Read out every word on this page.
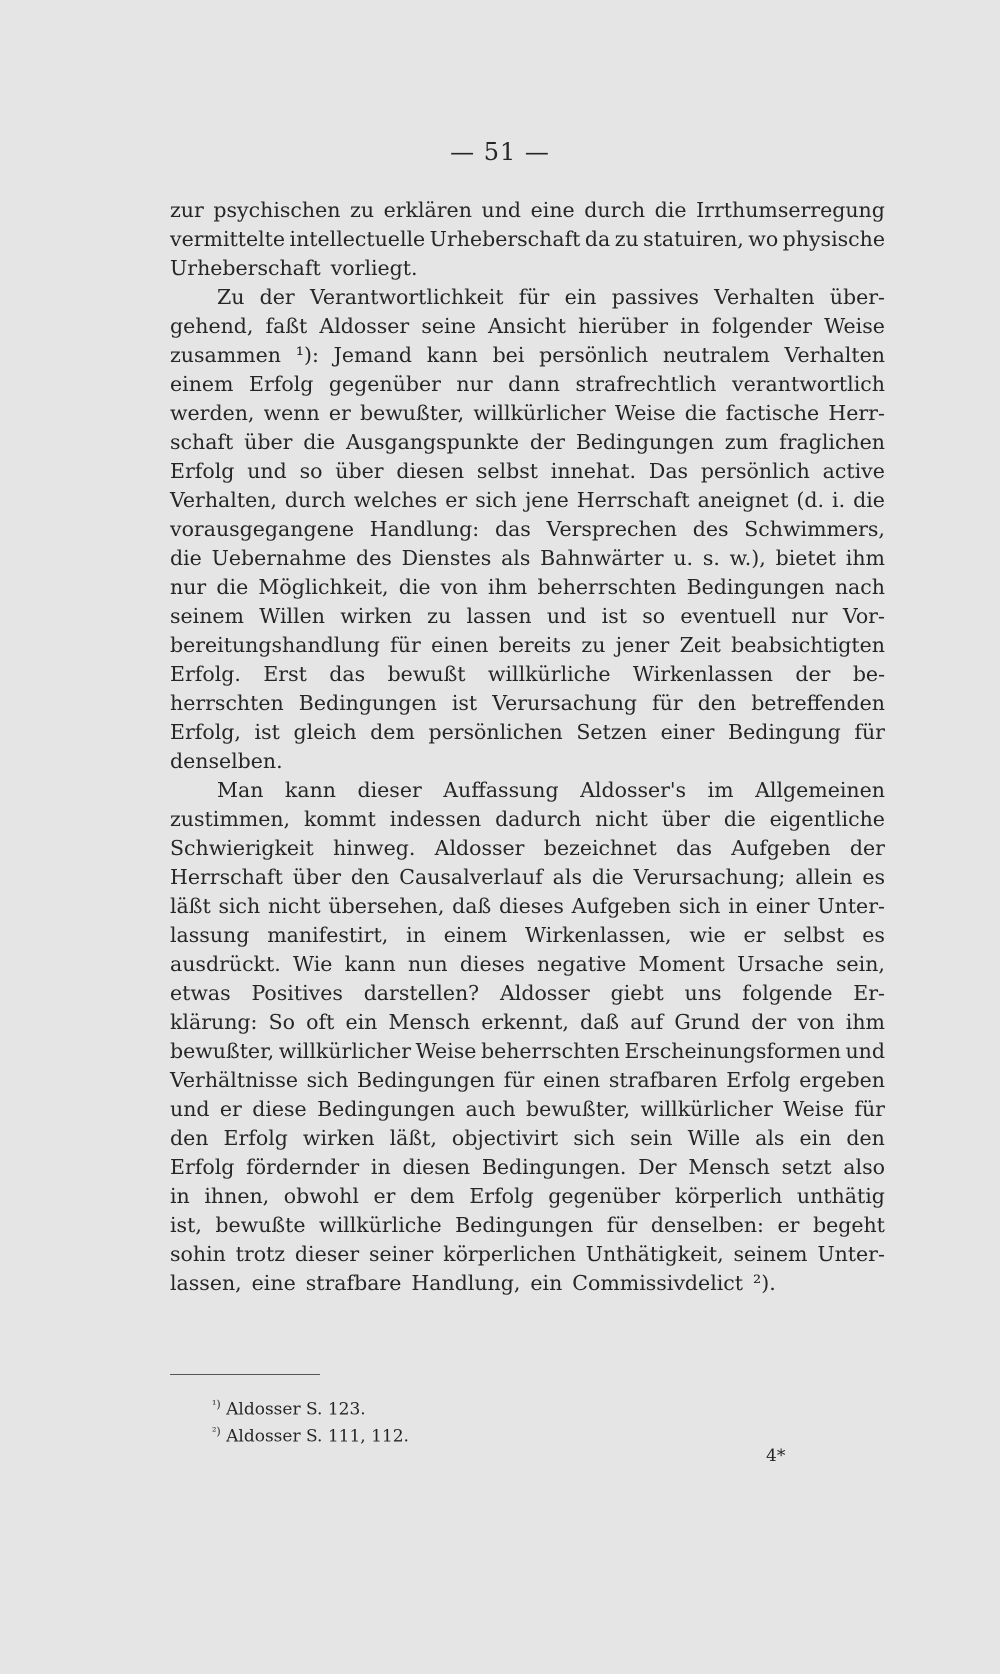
— 51 —
zur psychischen zu erklären und eine durch die Irrthumserregung
vermittelte intellectuelle Urheberschaft da zu statuiren, wo physische
Urheberschaft vorliegt.
Zu der Verantwortlichkeit für ein passives Verhalten über-
gehend, faßt Aldosser seine Ansicht hierüber in folgender Weise
zusammen ¹): Jemand kann bei persönlich neutralem Verhalten
einem Erfolg gegenüber nur dann strafrechtlich verantwortlich
werden, wenn er bewußter, willkürlicher Weise die factische Herr-
schaft über die Ausgangspunkte der Bedingungen zum fraglichen
Erfolg und so über diesen selbst innehat. Das persönlich active
Verhalten, durch welches er sich jene Herrschaft aneignet (d. i. die
vorausgegangene Handlung: das Versprechen des Schwimmers,
die Uebernahme des Dienstes als Bahnwärter u. s. w.), bietet ihm
nur die Möglichkeit, die von ihm beherrschten Bedingungen nach
seinem Willen wirken zu lassen und ist so eventuell nur Vor-
bereitungshandlung für einen bereits zu jener Zeit beabsichtigten
Erfolg. Erst das bewußt willkürliche Wirkenlassen der be-
herrschten Bedingungen ist Verursachung für den betreffenden
Erfolg, ist gleich dem persönlichen Setzen einer Bedingung für
denselben.
Man kann dieser Auffassung Aldosser's im Allgemeinen
zustimmen, kommt indessen dadurch nicht über die eigentliche
Schwierigkeit hinweg. Aldosser bezeichnet das Aufgeben der
Herrschaft über den Causalverlauf als die Verursachung; allein es
läßt sich nicht übersehen, daß dieses Aufgeben sich in einer Unter-
lassung manifestirt, in einem Wirkenlassen, wie er selbst es
ausdrückt. Wie kann nun dieses negative Moment Ursache sein,
etwas Positives darstellen? Aldosser giebt uns folgende Er-
klärung: So oft ein Mensch erkennt, daß auf Grund der von ihm
bewußter, willkürlicher Weise beherrschten Erscheinungsformen und
Verhältnisse sich Bedingungen für einen strafbaren Erfolg ergeben
und er diese Bedingungen auch bewußter, willkürlicher Weise für
den Erfolg wirken läßt, objectivirt sich sein Wille als ein den
Erfolg fördernder in diesen Bedingungen. Der Mensch setzt also
in ihnen, obwohl er dem Erfolg gegenüber körperlich unthätig
ist, bewußte willkürliche Bedingungen für denselben: er begeht
sohin trotz dieser seiner körperlichen Unthätigkeit, seinem Unter-
lassen, eine strafbare Handlung, ein Commissivdelict ²).
$^{^1)}$ Aldosser S. 123.
$^{^2)}$ Aldosser S. 111, 112.
4*
